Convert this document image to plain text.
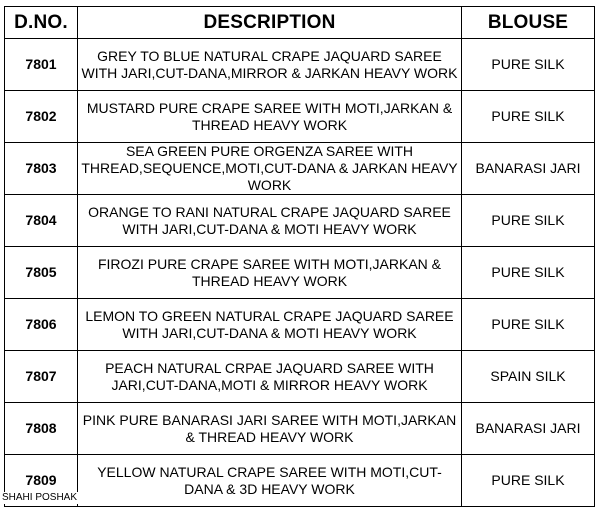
D.NO.	DESCRIPTION	BLOUSE
7801	GREY TO BLUE NATURAL CRAPE JAQUARD SAREE WITH JARI,CUT-DANA,MIRROR & JARKAN HEAVY WORK	PURE SILK
7802	MUSTARD PURE CRAPE SAREE WITH MOTI,JARKAN & THREAD HEAVY WORK	PURE SILK
7803	SEA GREEN PURE ORGENZA SAREE WITH THREAD,SEQUENCE,MOTI,CUT-DANA & JARKAN HEAVY WORK	BANARASI JARI
7804	ORANGE TO RANI NATURAL CRAPE JAQUARD SAREE WITH JARI,CUT-DANA & MOTI HEAVY WORK	PURE SILK
7805	FIROZI PURE CRAPE SAREE WITH MOTI,JARKAN & THREAD HEAVY WORK	PURE SILK
7806	LEMON TO GREEN NATURAL CRAPE JAQUARD SAREE WITH JARI,CUT-DANA & MOTI HEAVY WORK	PURE SILK
7807	PEACH NATURAL CRPAE JAQUARD SAREE WITH JARI,CUT-DANA,MOTI & MIRROR HEAVY WORK	SPAIN SILK
7808	PINK PURE BANARASI JARI SAREE WITH MOTI,JARKAN & THREAD HEAVY WORK	BANARASI JARI
7809	YELLOW NATURAL CRAPE SAREE WITH MOTI,CUT-DANA & 3D HEAVY WORK	PURE SILK
SHAHI POSHAK
